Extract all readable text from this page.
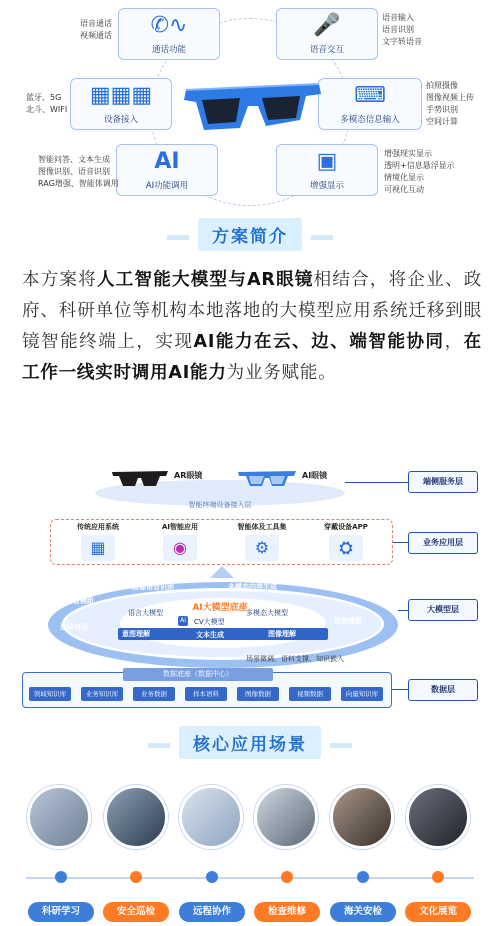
✆∿
通话功能
语音通话
视频通话	🎤
语音交互
语音输入
语音识别
文字转语音
▦▦▦
设备接入
蓝牙、5G
北斗、WIFI
⌨
多模态信息输入
拍照摄像
图像视频上传
手势识别
空间计算
AI
AI功能调用
智能问答、文本生成
图像识别、语音识别
RAG增强、智能体调用
▣
增强显示
增强现实显示
透明+信息悬浮显示
情境化显示
可视化互动
方案简介
本方案将人工智能大模型与AR眼镜相结合，将企业、政府、科研单位等机构本地落地的大模型应用系统迁移到眼镜智能终端上，实现AI能力在云、边、端智能协同，在工作一线实时调用AI能力为业务赋能。
AR眼镜	AI眼镜
智能终端设备接入层
端侧服务层
传统应用系统
▦
AI智能应用
◉
智能体及工具集
⚙
穿戴设备APP
⛭	业务应用层
图像语音识别	多模态内容生成
语音模组
连续对话
NL2SQL
视频理解
AI大模型底座
语言大模型	多模态大模型
Ai	CV大模型
意图理解	文本生成	图像理解
大模型层
场景微调、语料支撑、知识嵌入
数据底座（数据中心）
领域知识库	业务知识库	业务数据	样本语料	图像数据	视频数据	向量知识库	数据层
核心应用场景
科研学习	安全巡检	远程协作	检查维修	海关安检	文化展览
